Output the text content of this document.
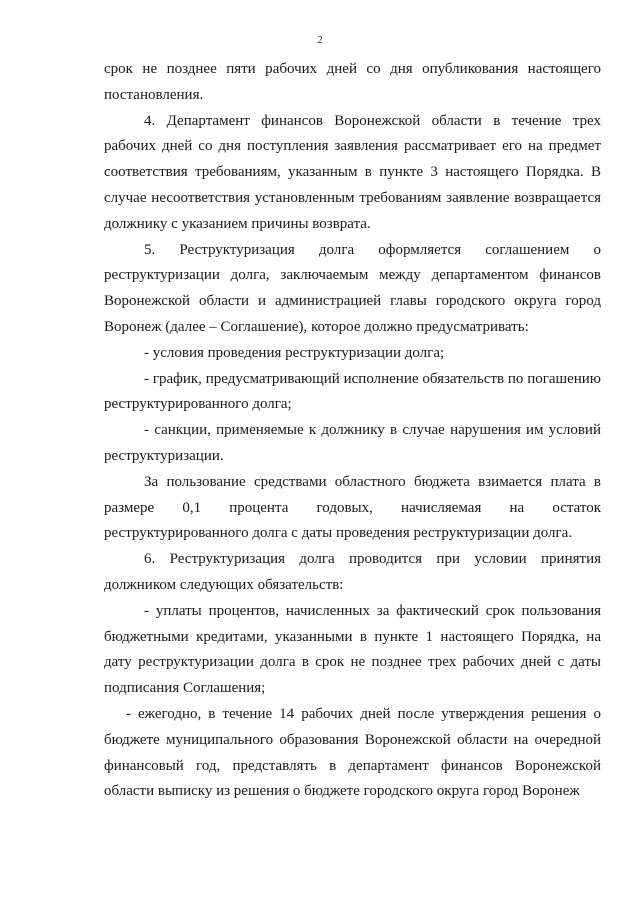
2

срок не позднее пяти рабочих дней со дня опубликования настоящего постановления.

4. Департамент финансов Воронежской области в течение трех рабочих дней со дня поступления заявления рассматривает его на предмет соответствия требованиям, указанным в пункте 3 настоящего Порядка. В случае несоответствия установленным требованиям заявление возвращается должнику с указанием причины возврата.

5. Реструктуризация долга оформляется соглашением о реструктуризации долга, заключаемым между департаментом финансов Воронежской области и администрацией главы городского округа город Воронеж (далее – Соглашение), которое должно предусматривать:

- условия проведения реструктуризации долга;

- график, предусматривающий исполнение обязательств по погашению реструктурированного долга;

- санкции, применяемые к должнику в случае нарушения им условий реструктуризации.

За пользование средствами областного бюджета взимается плата в размере 0,1 процента годовых, начисляемая на остаток реструктурированного долга с даты проведения реструктуризации долга.

6. Реструктуризация долга проводится при условии принятия должником следующих обязательств:

- уплаты процентов, начисленных за фактический срок пользования бюджетными кредитами, указанными в пункте 1 настоящего Порядка, на дату реструктуризации долга в срок не позднее трех рабочих дней с даты подписания Соглашения;

- ежегодно, в течение 14 рабочих дней после утверждения решения о бюджете муниципального образования Воронежской области на очередной финансовый год, представлять в департамент финансов Воронежской области выписку из решения о бюджете городского округа город Воронеж
